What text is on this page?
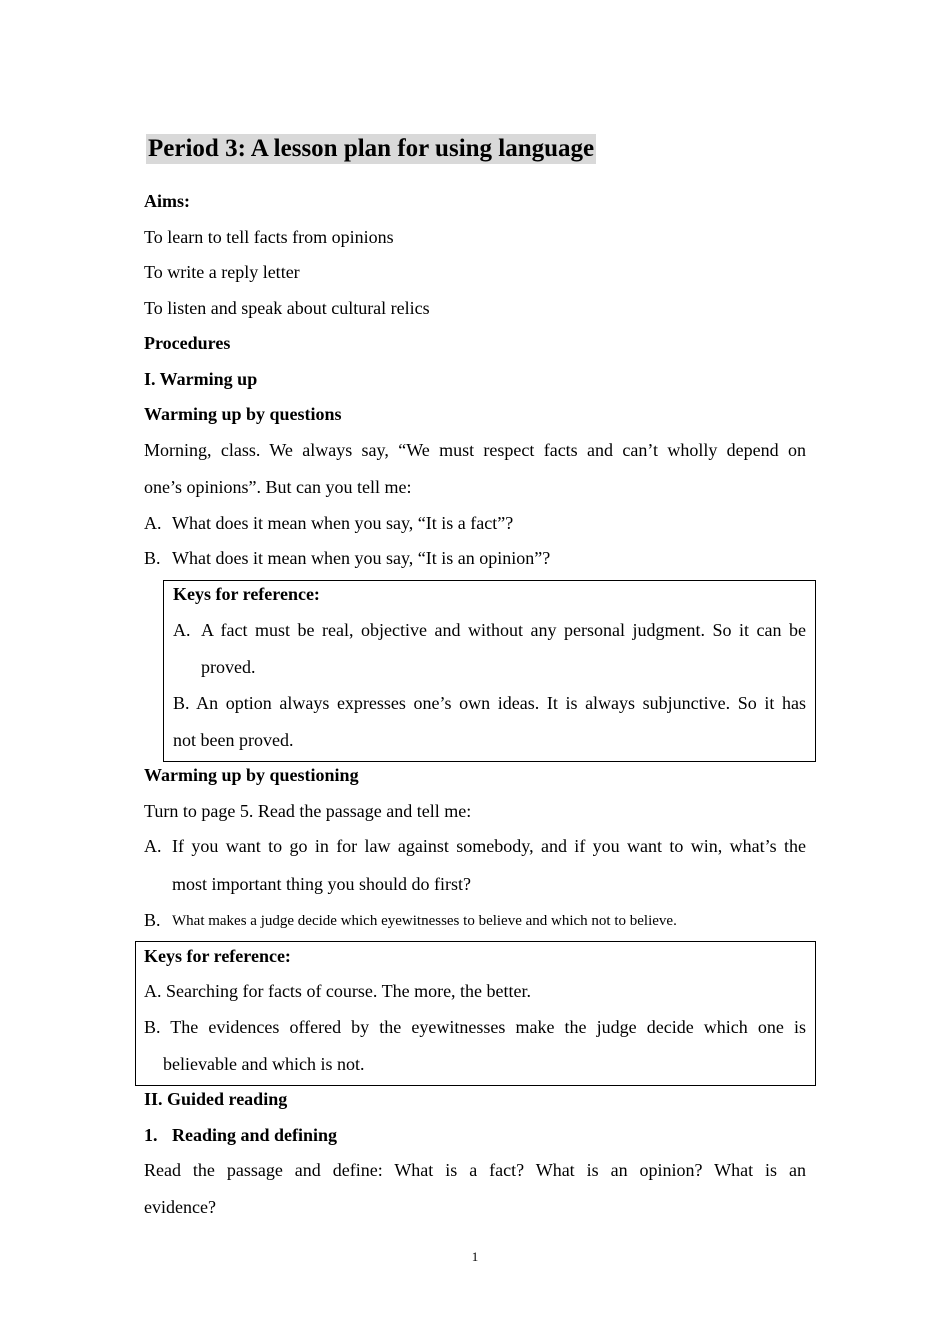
Period 3: A lesson plan for using language
Aims:
To learn to tell facts from opinions
To write a reply letter
To listen and speak about cultural relics
Procedures
I. Warming up
Warming up by questions
Morning, class. We always say, “We must respect facts and can’t wholly depend on
one’s opinions”. But can you tell me:
A. What does it mean when you say, “It is a fact”?
B. What does it mean when you say, “It is an opinion”?
Keys for reference:
A. A fact must be real, objective and without any personal judgment. So it can be
proved.
B. An option always expresses one’s own ideas. It is always subjunctive. So it has
not been proved.
Warming up by questioning
Turn to page 5. Read the passage and tell me:
A. If you want to go in for law against somebody, and if you want to win, what’s the
most important thing you should do first?
B. What makes a judge decide which eyewitnesses to believe and which not to believe.
Keys for reference:
A. Searching for facts of course. The more, the better.
B. The evidences offered by the eyewitnesses make the judge decide which one is
believable and which is not.
II. Guided reading
1. Reading and defining
Read the passage and define: What is a fact? What is an opinion? What is an
evidence?
1
